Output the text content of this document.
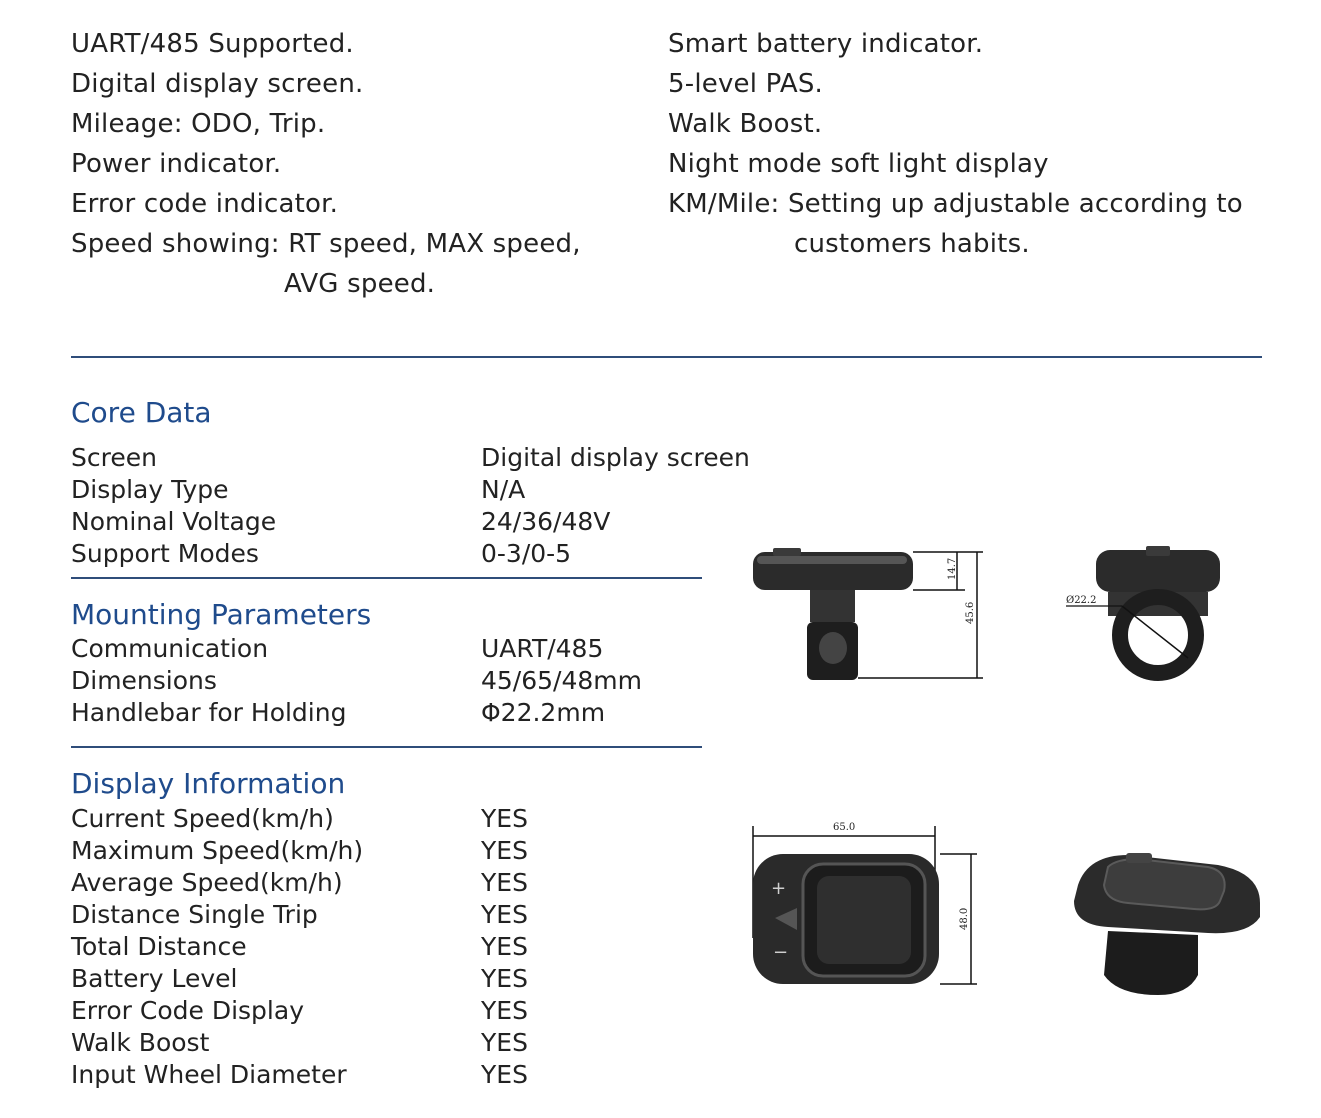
UART/485 Supported.
Digital display screen.
Mileage: ODO, Trip.
Power indicator.
Error code indicator.
Speed showing: RT speed, MAX speed,
AVG speed.
Smart battery indicator.
5-level PAS.
Walk Boost.
Night mode soft light display
KM/Mile: Setting up adjustable according to
customers habits.
Core Data
Screen	Digital display screen
Display Type	N/A
Nominal Voltage	24/36/48V
Support Modes	0-3/0-5
Mounting Parameters
Communication	UART/485
Dimensions	45/65/48mm
Handlebar for Holding	Φ22.2mm
Display Information
Current Speed(km/h)	YES
Maximum Speed(km/h)	YES
Average Speed(km/h)	YES
Distance Single Trip	YES
Total Distance	YES
Battery Level	YES
Error Code Display	YES
Walk Boost	YES
Input Wheel Diameter	YES
14.7
45.6
Ø22.2
65.0
+
−
48.0
